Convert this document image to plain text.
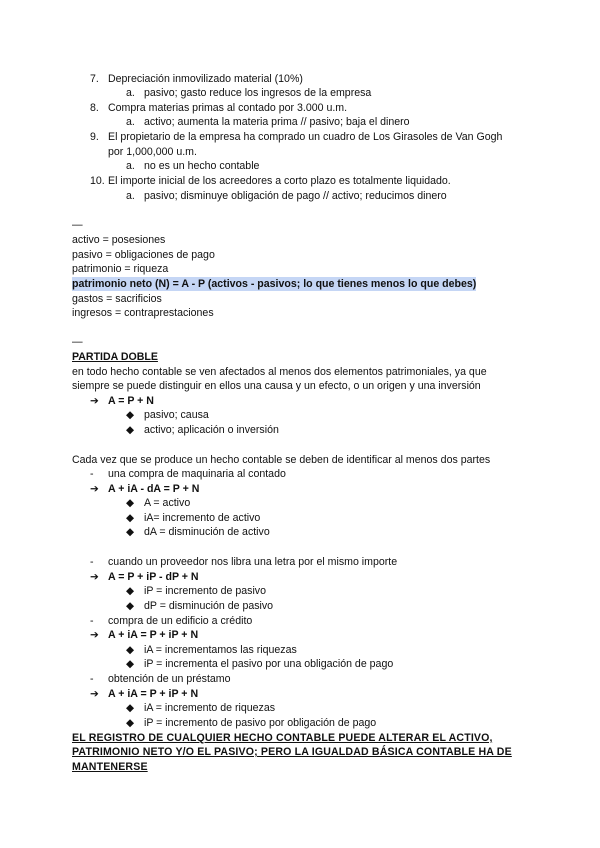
7. Depreciación inmovilizado material (10%)
a. pasivo; gasto reduce los ingresos de la empresa
8. Compra materias primas al contado por 3.000 u.m.
a. activo; aumenta la materia prima // pasivo; baja el dinero
9. El propietario de la empresa ha comprado un cuadro de Los Girasoles de Van Gogh
por 1,000,000 u.m.
a. no es un hecho contable
10. El importe inicial de los acreedores a corto plazo es totalmente liquidado.
a. pasivo; disminuye obligación de pago // activo; reducimos dinero
—
activo = posesiones
pasivo = obligaciones de pago
patrimonio = riqueza
patrimonio neto (N) = A - P (activos - pasivos; lo que tienes menos lo que debes)
gastos = sacrificios
ingresos = contraprestaciones
—
PARTIDA DOBLE
en todo hecho contable se ven afectados al menos dos elementos patrimoniales, ya que
siempre se puede distinguir en ellos una causa y un efecto, o un origen y una inversión
➔ A = P + N
◆ pasivo; causa
◆ activo; aplicación o inversión
Cada vez que se produce un hecho contable se deben de identificar al menos dos partes
- una compra de maquinaria al contado
➔ A + iA - dA = P + N
◆ A = activo
◆ iA= incremento de activo
◆ dA = disminución de activo
- cuando un proveedor nos libra una letra por el mismo importe
➔ A = P + iP - dP + N
◆ iP = incremento de pasivo
◆ dP = disminución de pasivo
- compra de un edificio a crédito
➔ A + iA = P + iP + N
◆ iA = incrementamos las riquezas
◆ iP = incrementa el pasivo por una obligación de pago
- obtención de un préstamo
➔ A + iA = P + iP + N
◆ iA = incremento de riquezas
◆ iP = incremento de pasivo por obligación de pago
EL REGISTRO DE CUALQUIER HECHO CONTABLE PUEDE ALTERAR EL ACTIVO,
PATRIMONIO NETO Y/O EL PASIVO; PERO LA IGUALDAD BÁSICA CONTABLE HA DE
MANTENERSE
